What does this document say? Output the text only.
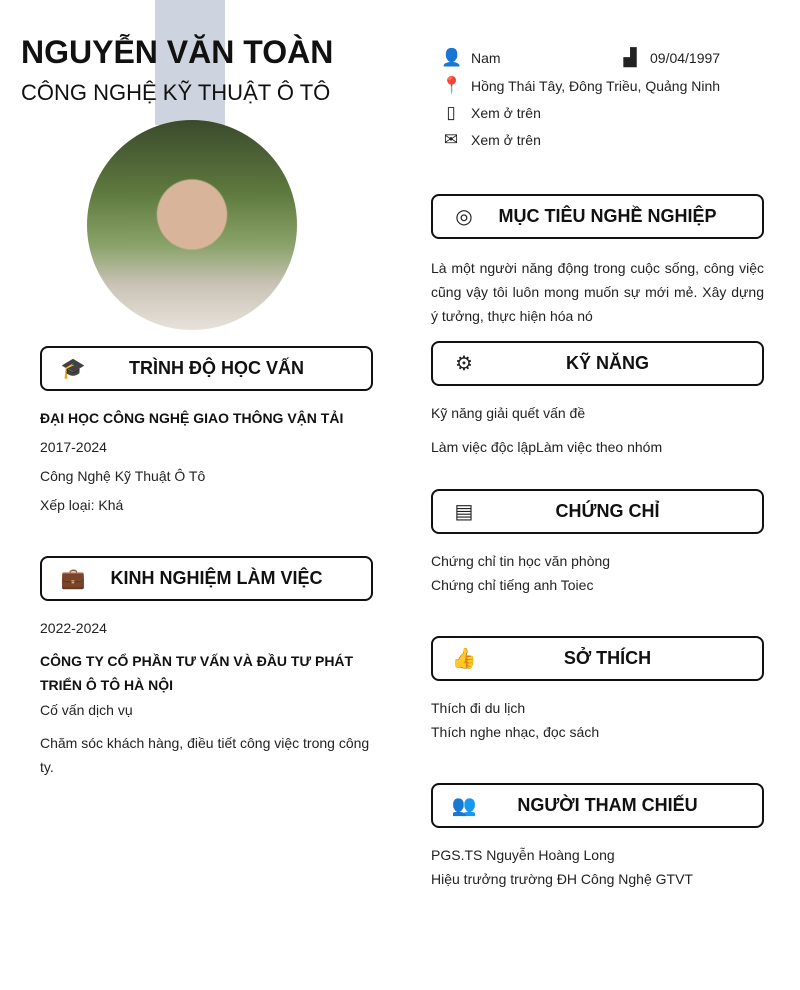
NGUYỄN VĂN TOÀN
CÔNG NGHỆ KỸ THUẬT Ô TÔ
👤 Nam	▟ 09/04/1997
📍 Hồng Thái Tây, Đông Triều, Quảng Ninh
▯	Xem ở trên
✉ Xem ở trên
🎓	TRÌNH ĐỘ HỌC VẤN
ĐẠI HỌC CÔNG NGHỆ GIAO THÔNG VẬN TẢI
2017-2024
Công Nghệ Kỹ Thuật Ô Tô
Xếp loại: Khá
💼	KINH NGHIỆM LÀM VIỆC
2022-2024
CÔNG TY CỔ PHẦN TƯ VẤN VÀ ĐẦU TƯ PHÁT TRIỂN Ô TÔ HÀ NỘI
Cố vấn dịch vụ
Chăm sóc khách hàng, điều tiết công việc trong công ty.
◎	MỤC TIÊU NGHỀ NGHIỆP
Là một người năng động trong cuộc sống, công việc cũng vậy tôi luôn mong muốn sự mới mẻ. Xây dựng ý tưởng, thực hiện hóa nó
⚙	KỸ NĂNG
Kỹ năng giải quết vấn đề
Làm việc độc lậpLàm việc theo nhóm
▤	CHỨNG CHỈ
Chứng chỉ tin học văn phòng
Chứng chỉ tiếng anh Toiec
👍	SỞ THÍCH
Thích đi du lịch
Thích nghe nhạc, đọc sách
👥	NGƯỜI THAM CHIẾU
PGS.TS Nguyễn Hoàng Long
Hiệu trưởng trường ĐH Công Nghệ GTVT
